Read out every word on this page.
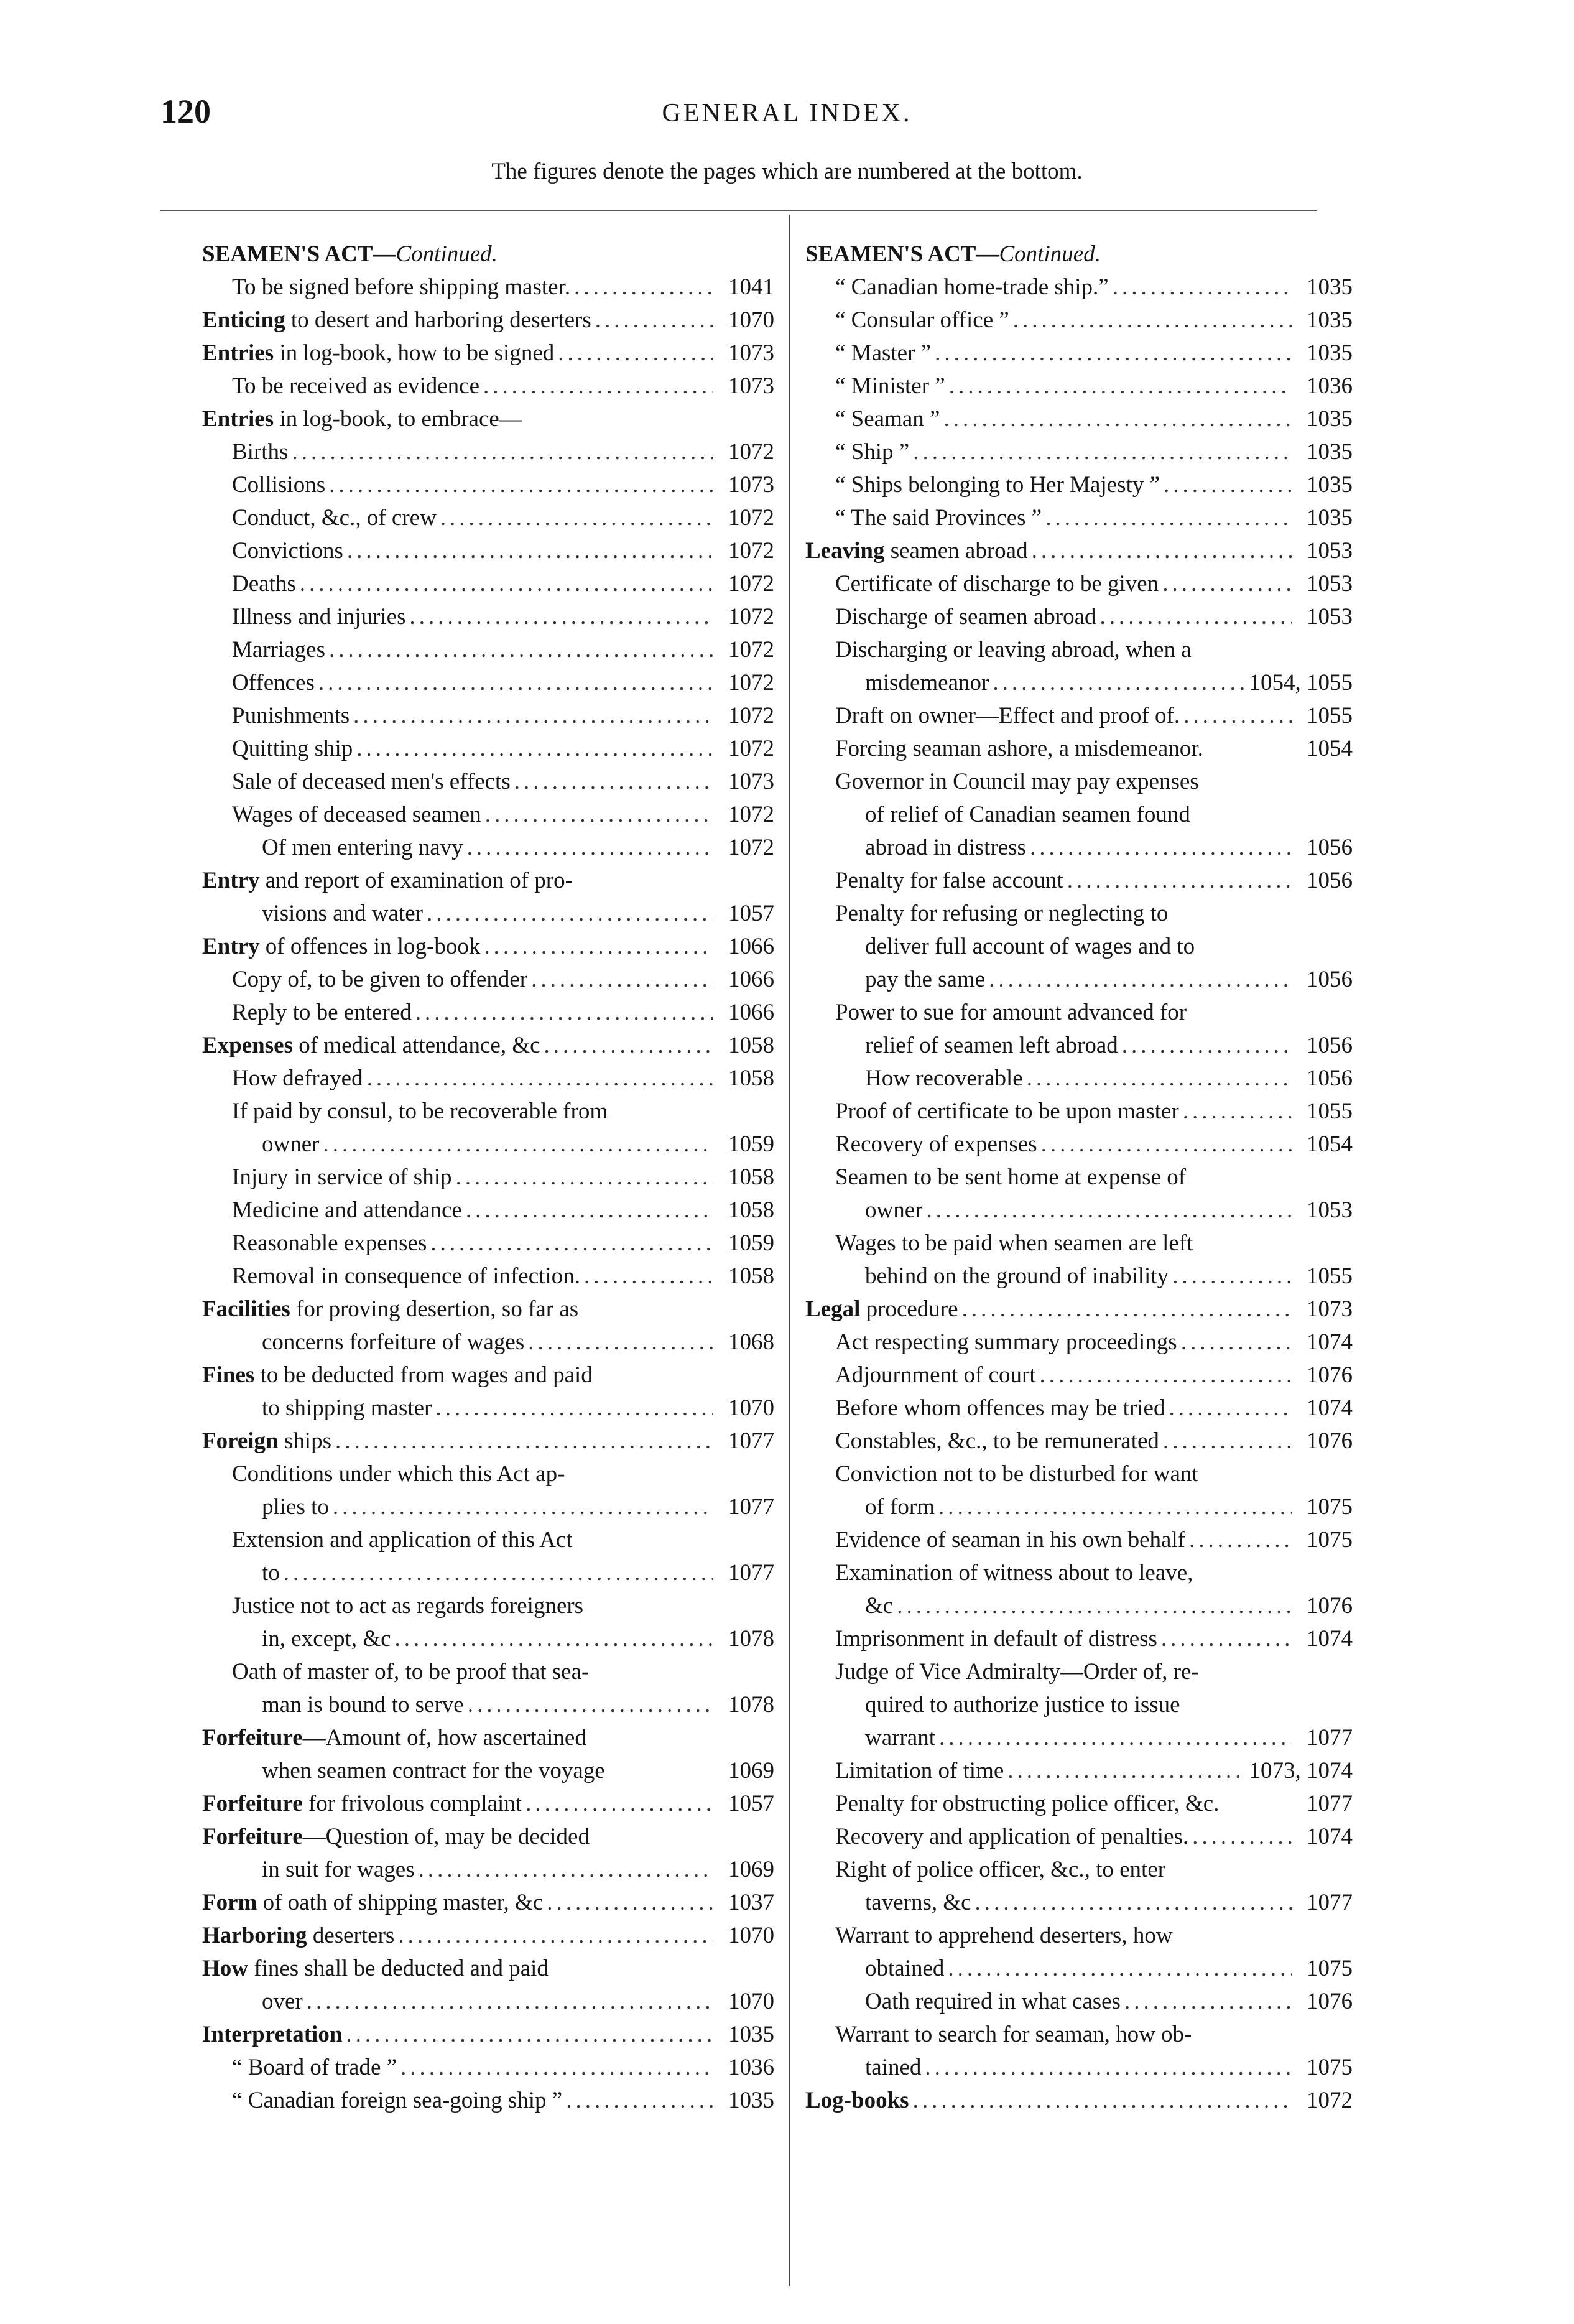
120	GENERAL INDEX.
The figures denote the pages which are numbered at the bottom.
SEAMEN'S ACT—Continued.
To be signed before shipping master. .....	1041
Enticing to desert and harboring deserters .....	1070
Entries in log-book, how to be signed .....	1073
To be received as evidence .....	1073
Entries in log-book, to embrace—
Births .....	1072
Collisions .....	1073
Conduct, &c., of crew .....	1072
Convictions .....	1072
Deaths .....	1072
Illness and injuries .....	1072
Marriages .....	1072
Offences .....	1072
Punishments .....	1072
Quitting ship .....	1072
Sale of deceased men's effects .....	1073
Wages of deceased seamen .....	1072
Of men entering navy .....	1072
Entry and report of examination of pro-
visions and water .....	1057
Entry of offences in log-book .....	1066
Copy of, to be given to offender .....	1066
Reply to be entered .....	1066
Expenses of medical attendance, &c .....	1058
How defrayed .....	1058
If paid by consul, to be recoverable from
owner .....	1059
Injury in service of ship .....	1058
Medicine and attendance .....	1058
Reasonable expenses .....	1059
Removal in consequence of infection. .....	1058
Facilities for proving desertion, so far as
concerns forfeiture of wages .....	1068
Fines to be deducted from wages and paid
to shipping master .....	1070
Foreign ships .....	1077
Conditions under which this Act ap-
plies to .....	1077
Extension and application of this Act
to .....	1077
Justice not to act as regards foreigners
in, except, &c .....	1078
Oath of master of, to be proof that sea-
man is bound to serve .....	1078
Forfeiture—Amount of, how ascertained
when seamen contract for the voyage	1069
Forfeiture for frivolous complaint .....	1057
Forfeiture—Question of, may be decided
in suit for wages .....	1069
Form of oath of shipping master, &c .....	1037
Harboring deserters .....	1070
How fines shall be deducted and paid
over .....	1070
Interpretation .....	1035
“ Board of trade ” .....	1036
“ Canadian foreign sea-going ship ” .....	1035
SEAMEN'S ACT—Continued.
“ Canadian home-trade ship.” .....	1035
“ Consular office ” .....	1035
“ Master ” .....	1035
“ Minister ” .....	1036
“ Seaman ” .....	1035
“ Ship ” .....	1035
“ Ships belonging to Her Majesty ” .....	1035
“ The said Provinces ” .....	1035
Leaving seamen abroad .....	1053
Certificate of discharge to be given .....	1053
Discharge of seamen abroad .....	1053
Discharging or leaving abroad, when a
misdemeanor .....	1054, 1055
Draft on owner—Effect and proof of. .....	1055
Forcing seaman ashore, a misdemeanor.	1054
Governor in Council may pay expenses
of relief of Canadian seamen found
abroad in distress .....	1056
Penalty for false account .....	1056
Penalty for refusing or neglecting to
deliver full account of wages and to
pay the same .....	1056
Power to sue for amount advanced for
relief of seamen left abroad .....	1056
How recoverable .....	1056
Proof of certificate to be upon master .....	1055
Recovery of expenses .....	1054
Seamen to be sent home at expense of
owner .....	1053
Wages to be paid when seamen are left
behind on the ground of inability .....	1055
Legal procedure .....	1073
Act respecting summary proceedings .....	1074
Adjournment of court .....	1076
Before whom offences may be tried .....	1074
Constables, &c., to be remunerated .....	1076
Conviction not to be disturbed for want
of form .....	1075
Evidence of seaman in his own behalf .....	1075
Examination of witness about to leave,
&c .....	1076
Imprisonment in default of distress .....	1074
Judge of Vice Admiralty—Order of, re-
quired to authorize justice to issue
warrant .....	1077
Limitation of time .....	1073, 1074
Penalty for obstructing police officer, &c.	1077
Recovery and application of penalties. .....	1074
Right of police officer, &c., to enter
taverns, &c .....	1077
Warrant to apprehend deserters, how
obtained .....	1075
Oath required in what cases .....	1076
Warrant to search for seaman, how ob-
tained .....	1075
Log-books .....	1072
